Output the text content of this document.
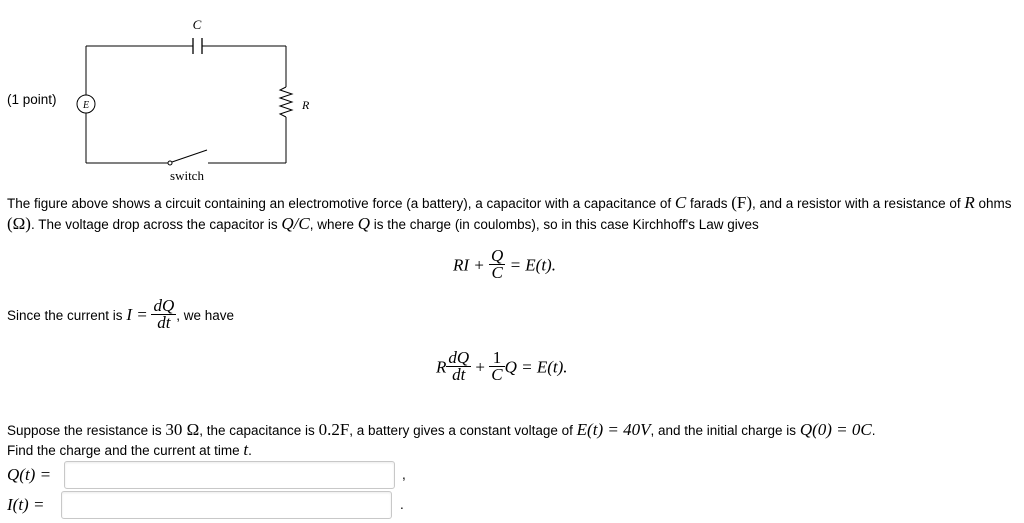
(1 point)
C
R
E
switch
The figure above shows a circuit containing an electromotive force (a battery), a capacitor with a capacitance of C farads (F), and a resistor with a resistance of R ohms (Ω). The voltage drop across the capacitor is Q/C, where Q is the charge (in coulombs), so in this case Kirchhoff's Law gives
RI + $\frac{Q}{C} = E(t)$.
Since the current is $I = \frac{dQ}{dt}$ , we have
R $\frac{dQ}{dt} + \frac{1}{C}$ Q = E(t).
Suppose the resistance is 30 Ω, the capacitance is 0.2F, a battery gives a constant voltage of E(t) = 40V, and the initial charge is Q(0) = 0C.
Find the charge and the current at time t.
Q(t) =	,
I(t) =	.
